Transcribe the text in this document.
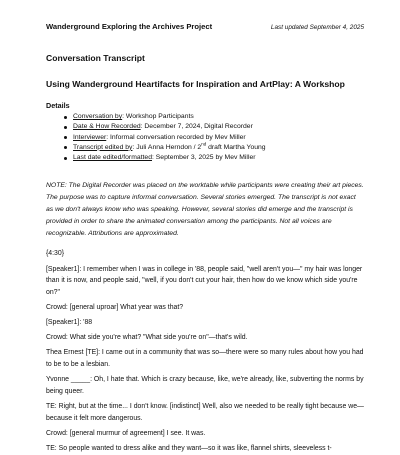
Wanderground Exploring the Archives Project	Last updated September 4, 2025
Conversation Transcript
Using Wanderground Heartifacts for Inspiration and ArtPlay: A Workshop
Details
Conversation by: Workshop Participants
Date & How Recorded: December 7, 2024, Digital Recorder
Interviewer: Informal conversation recorded by Mev Miller
Transcript edited by: Juli Anna Herndon / 2nd draft Martha Young
Last date edited/formatted: September 3, 2025 by Mev Miller
NOTE: The Digital Recorder was placed on the worktable while participants were creating their art pieces. The purpose was to capture informal conversation. Several stories emerged. The transcript is not exact as we don't always know who was speaking. However, several stories did emerge and the transcript is provided in order to share the animated conversation among the participants. Not all voices are recognizable. Attributions are approximated.

{4:30}

[Speaker1]: I remember when I was in college in '88, people said, "well aren't you—" my hair was longer than it is now, and people said, "well, if you don't cut your hair, then how do we know which side you're on?"

Crowd: [general uproar] What year was that?

[Speaker1]: '88

Crowd: What side you're what? "What side you're on"—that's wild.

Thea Ernest [TE]: I came out in a community that was so—there were so many rules about how you had to be to be a lesbian.

Yvonne _____: Oh, I hate that. Which is crazy because, like, we're already, like, subverting the norms by being queer.

TE: Right, but at the time... I don't know. [indistinct] Well, also we needed to be really tight because we—because it felt more dangerous.

Crowd: [general murmur of agreement] I see. It was.

TE: So people wanted to dress alike and they want—so it was like, flannel shirts, sleeveless t-
